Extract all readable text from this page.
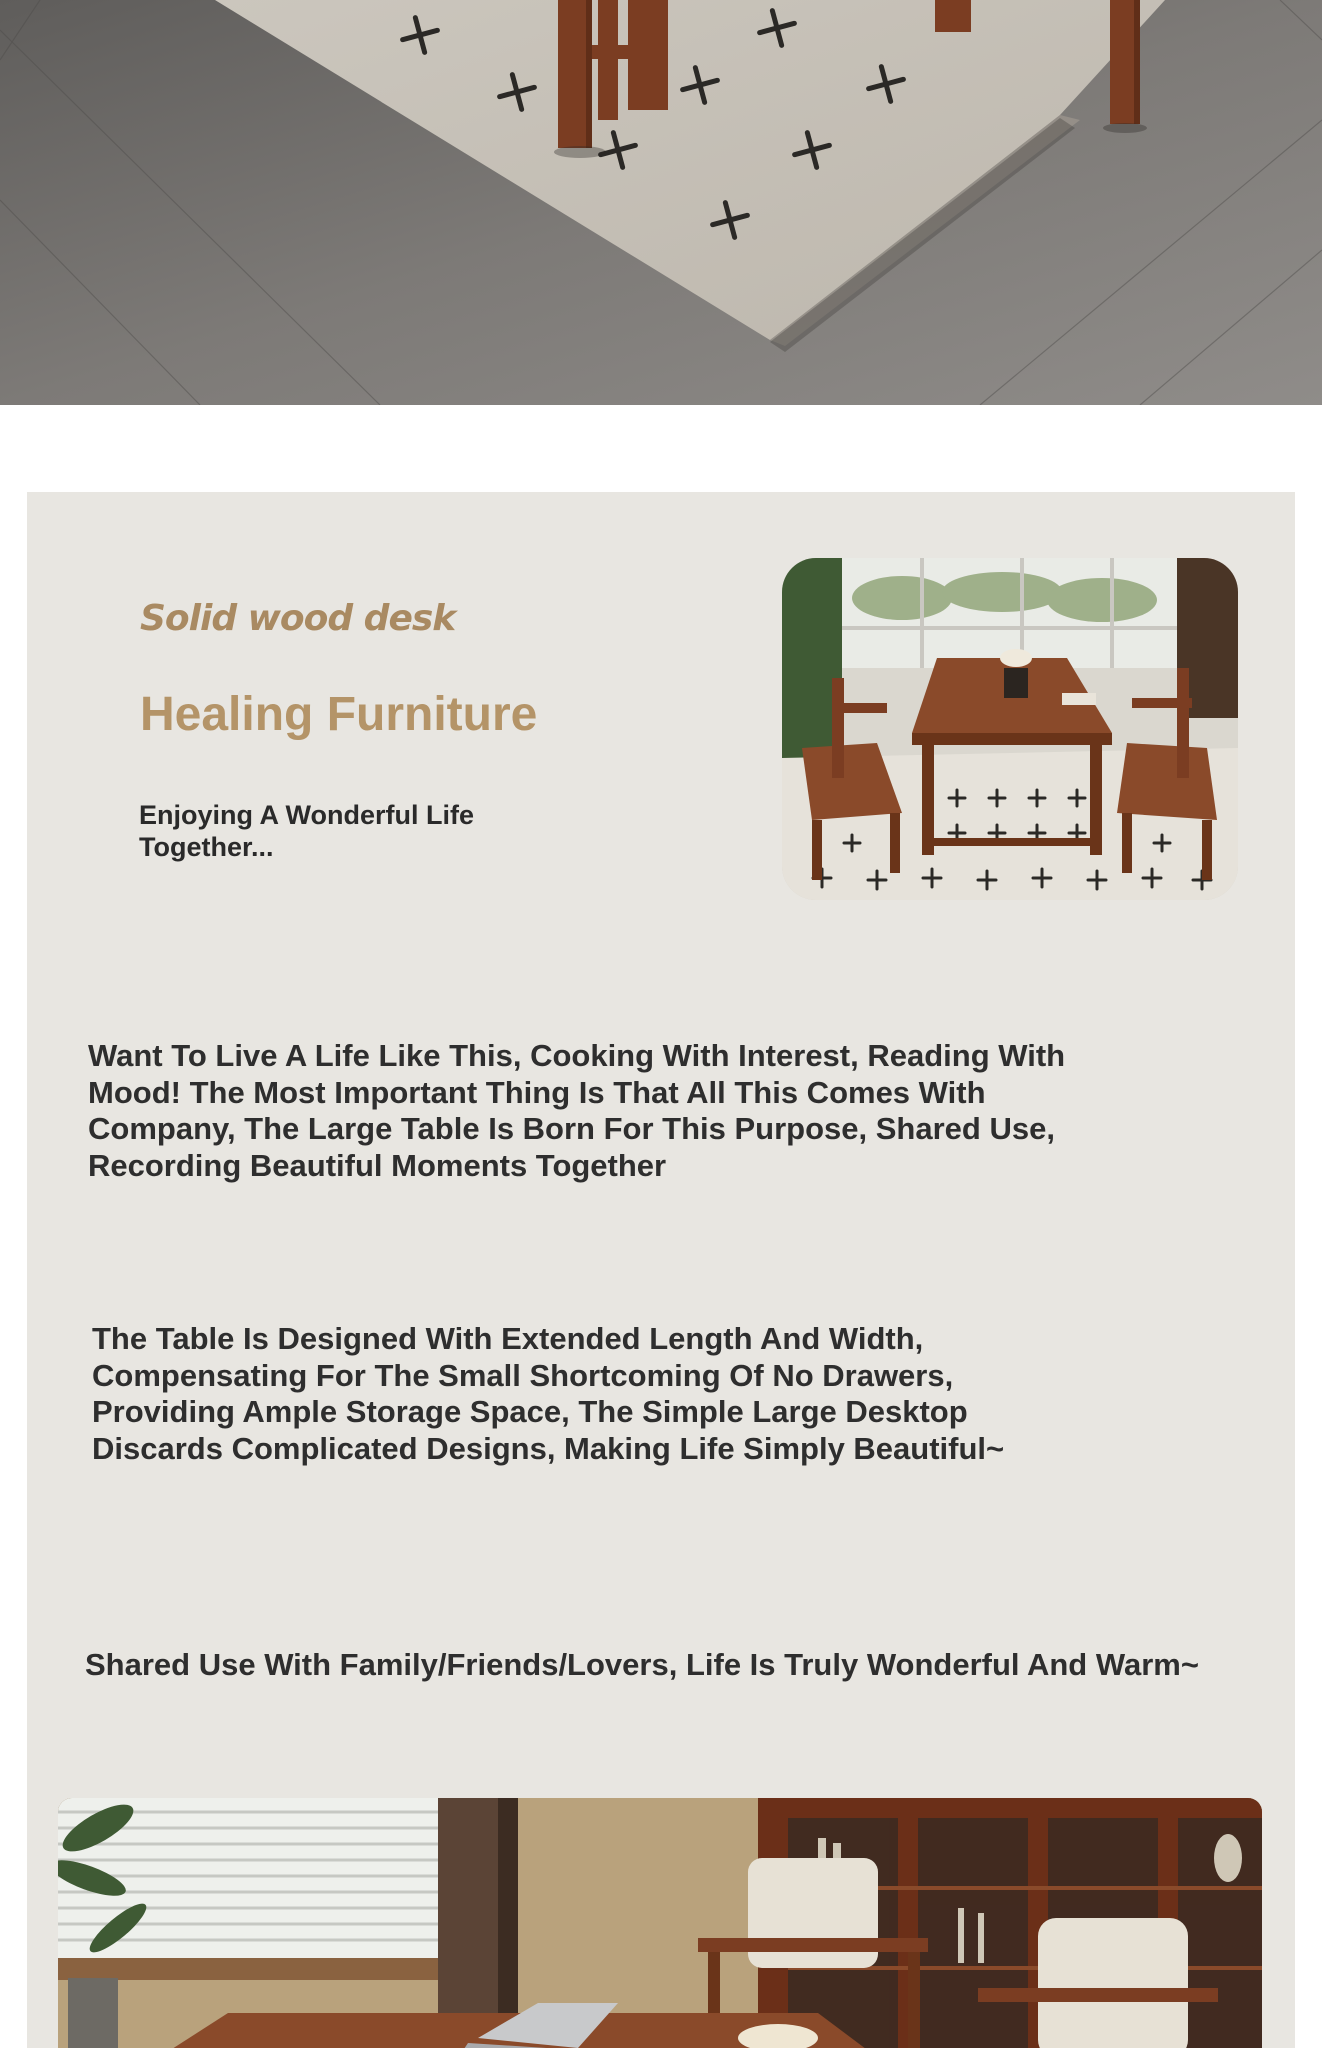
Solid wood desk
Healing Furniture

Enjoying A Wonderful Life Together...

Want To Live A Life Like This, Cooking With Interest, Reading With Mood! The Most Important Thing Is That All This Comes With Company, The Large Table Is Born For This Purpose, Shared Use, Recording Beautiful Moments Together

The Table Is Designed With Extended Length And Width, Compensating For The Small Shortcoming Of No Drawers, Providing Ample Storage Space, The Simple Large Desktop Discards Complicated Designs, Making Life Simply Beautiful~

Shared Use With Family/Friends/Lovers, Life Is Truly Wonderful And Warm~
